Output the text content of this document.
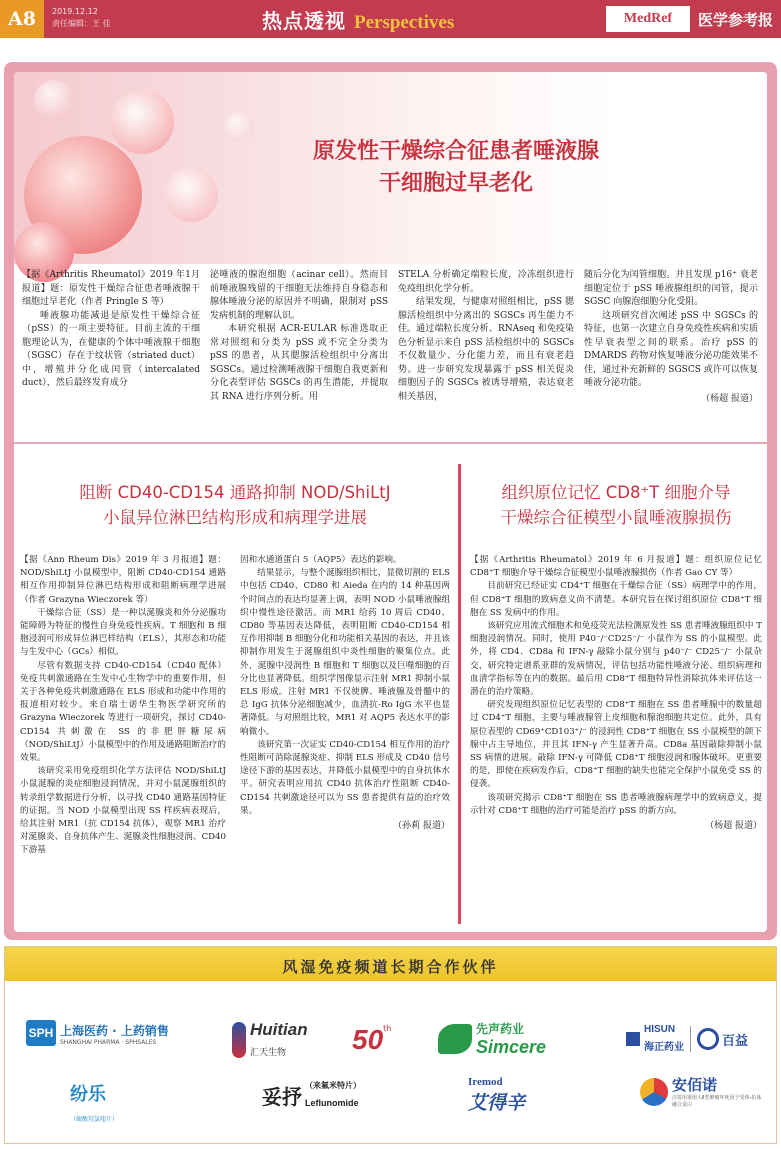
A8	2019.12.12
责任编辑：王 佳	热点透视 Perspectives	MedRef	医学参考报
原发性干燥综合征患者唾液腺
干细胞过早老化

【据《Arthritis Rheumatol》2019 年1月报道】题：原发性干燥综合征患者唾液腺干细胞过早老化（作者 Pringle S 等）

唾液腺功能减退是原发性干燥综合征（pSS）的一项主要特征。目前主流的干细胞理论认为，在健康的个体中唾液腺干细胞（SGSC）存在于纹状管（striated duct）中，增殖并分化成闰管（intercalated duct），然后最终发育成分

泌唾液的腺泡细胞（acinar cell）。然而目前唾液腺残留的干细胞无法维持自身稳态和腺体唾液分泌的原因并不明确，限制对 pSS 发病机制的理解认识。

本研究根据 ACR-EULAR 标准选取正常对照组和分类为 pSS 或不完全分类为 pSS 的患者，从其腮腺活检组织中分离出 SGSCs。通过检测唾液腺干细胞自我更新和分化表型评估 SGSCs 的再生潜能，并提取其 RNA 进行序列分析。用

STELA 分析确定端粒长度，冷冻组织进行免疫组织化学分析。

结果发现，与健康对照组相比，pSS 腮腺活检组织中分离出的 SGSCs 再生能力不佳。通过端粒长度分析、RNAseq 和免疫染色分析显示来自 pSS 活检组织中的 SGSCs 不仅数量少、分化能力差，而且有衰老趋势。进一步研究发现暴露于 pSS 相关促炎细胞因子的 SGSCs 被诱导增殖，表达衰老相关基因，

随后分化为闰管细胞。并且发现 p16⁺ 衰老细胞定位于 pSS 唾液腺组织的闰管，提示 SGSC 向腺泡细胞分化受阻。

这项研究首次阐述 pSS 中 SGSCs 的特征，也第一次建立自身免疫性疾病和实质性早衰表型之间的联系。治疗 pSS 的 DMARDS 药物对恢复唾液分泌功能效果不佳，通过补充新鲜的 SGSCS 或许可以恢复唾液分泌功能。

（杨超 报道）
阻断 CD40-CD154 通路抑制 NOD/ShiLtJ
小鼠异位淋巴结构形成和病理学进展

【据《Ann Rheum Dis》2019 年 3 月报道】题：NOD/ShiLtJ 小鼠模型中，阻断 CD40-CD154 通路相互作用抑制异位淋巴结构形成和阻断病理学进展（作者 Grazyna Wieczorek 等）

干燥综合征（SS）是一种以涎腺炎和外分泌腺功能障碍为特征的慢性自身免疫性疾病。T 细胞和 B 细胞浸润可形成异位淋巴样结构（ELS），其形态和功能与生发中心（GCs）相似。

尽管有数据支持 CD40-CD154（CD40 配体）免疫共刺激通路在生发中心生物学中的重要作用，但关于各种免疫共刺激通路在 ELS 形成和功能中作用的报道相对较少。来自瑞士诺华生物医学研究所的 Grazyna Wieczorek 等进行一项研究，探讨 CD40-CD154 共刺激在 SS 的非肥胖糖尿病（NOD/ShiLtJ）小鼠模型中的作用及通路阻断治疗的效果。

该研究采用免疫组织化学方法评估 NOD/ShiLtJ 小鼠涎腺的炎症细胞浸润情况，并对小鼠涎腺组织的转录组学数据进行分析，以寻找 CD40 通路基因特征的证据。当 NOD 小鼠模型出现 SS 样疾病表现后，给其注射 MR1（抗 CD154 抗体），观察 MR1 治疗对涎腺炎、自身抗体产生、涎腺炎性细胞浸润、CD40 下游基

因和水通道蛋白 5（AQP5）表达的影响。

结果显示，与整个涎腺组织相比，显微切割的 ELS 中包括 CD40、CD80 和 Aieda 在内的 14 种基因两个时间点的表达均显著上调，表明 NOD 小鼠唾液腺组织中慢性途径激活。而 MR1 给药 10 周后 CD40、CD80 等基因表达降低，表明阻断 CD40-CD154 相互作用抑制 B 细胞分化和功能相关基因的表达，并且该抑制作用发生于涎腺组织中炎性细胞的聚集位点。此外，涎腺中浸润性 B 细胞和 T 细胞以及巨噬细胞的百分比也显著降低。组织学图像显示注射 MR1 抑制小鼠 ELS 形成。注射 MR1 不仅使脾、唾液腺及骨髓中的总 IgG 抗体分泌细胞减少，血清抗-Ro IgG 水平也显著降低。与对照组比较，MR1 对 AQP5 表达水平的影响微小。

该研究第一次证实 CD40-CD154 相互作用的治疗性阻断可消除涎腺炎症、抑制 ELS 形成及 CD40 信号途径下游的基因表达，并降低小鼠模型中的自身抗体水平。研究表明应用抗 CD40 抗体治疗性阻断 CD40-CD154 共刺激途径可以为 SS 患者提供有益的治疗效果。

（孙莉 报道）
组织原位记忆 CD8⁺T 细胞介导
干燥综合征模型小鼠唾液腺损伤

【据《Arthritis Rheumatol》2019 年 6 月报道】题：组织原位记忆 CD8⁺T 细胞介导干燥综合征模型小鼠唾液腺损伤（作者 Gao CY 等）

目前研究已经证实 CD4⁺T 细胞在干燥综合征（SS）病理学中的作用，但 CD8⁺T 细胞的致病意义尚不清楚。本研究旨在探讨组织原位 CD8⁺T 细胞在 SS 发病中的作用。

该研究应用流式细胞术和免疫荧光法检测原发性 SS 患者唾液腺组织中 T 细胞浸润情况。同时，使用 P40⁻/⁻CD25⁻/⁻ 小鼠作为 SS 的小鼠模型。此外，将 CD4、CD8a 和 IFN-γ 敲除小鼠分别与 p40⁻/⁻ CD25⁻/⁻ 小鼠杂交，研究特定谱系亚群的发病情况，评估包括功能性唾液分泌、组织病理和血清学指标等在内的数据。最后用 CD8⁺T 细胞特异性消除抗体来评估这一潜在的治疗策略。

研究发现组织原位记忆表型的 CD8⁺T 细胞在 SS 患者唾腺中的数量超过 CD4⁺T 细胞，主要与唾液腺管上皮细胞和腺泡细胞共定位。此外，具有原位表型的 CD69⁺CD103⁺/⁻ 的浸润性 CD8⁺T 细胞在 SS 小鼠模型的颌下腺中占主导地位，并且其 IFN-γ 产生显著升高。CD8a 基因敲除抑制小鼠 SS 病情的进展。敲除 IFN-γ 可降低 CD8⁺T 细胞浸润和腺体破坏。更重要的是，即使在疾病发作后，CD8⁺T 细胞的缺失也能完全保护小鼠免受 SS 的侵袭。

该项研究揭示 CD8⁺T 细胞在 SS 患者唾液腺病理学中的致病意义，提示针对 CD8⁺T 细胞的治疗可能是治疗 pSS 的新方向。

（杨超 报道）
风湿免疫频道长期合作伙伴
SPH 上海医药 · 上药销售
SHANGHAI PHARMA · SPHSALES
Huitian
汇天生物	50 th	先声药业
Simcere
HISUN
海正药业	百益
纷乐
（硫酸羟氯喹片）
妥抒 （来氟米特片）
Leflunomide
Iremod
艾得辛
安佰诺
注射用重组人Ⅱ型肿瘤坏死因子受体-抗体融合蛋白
